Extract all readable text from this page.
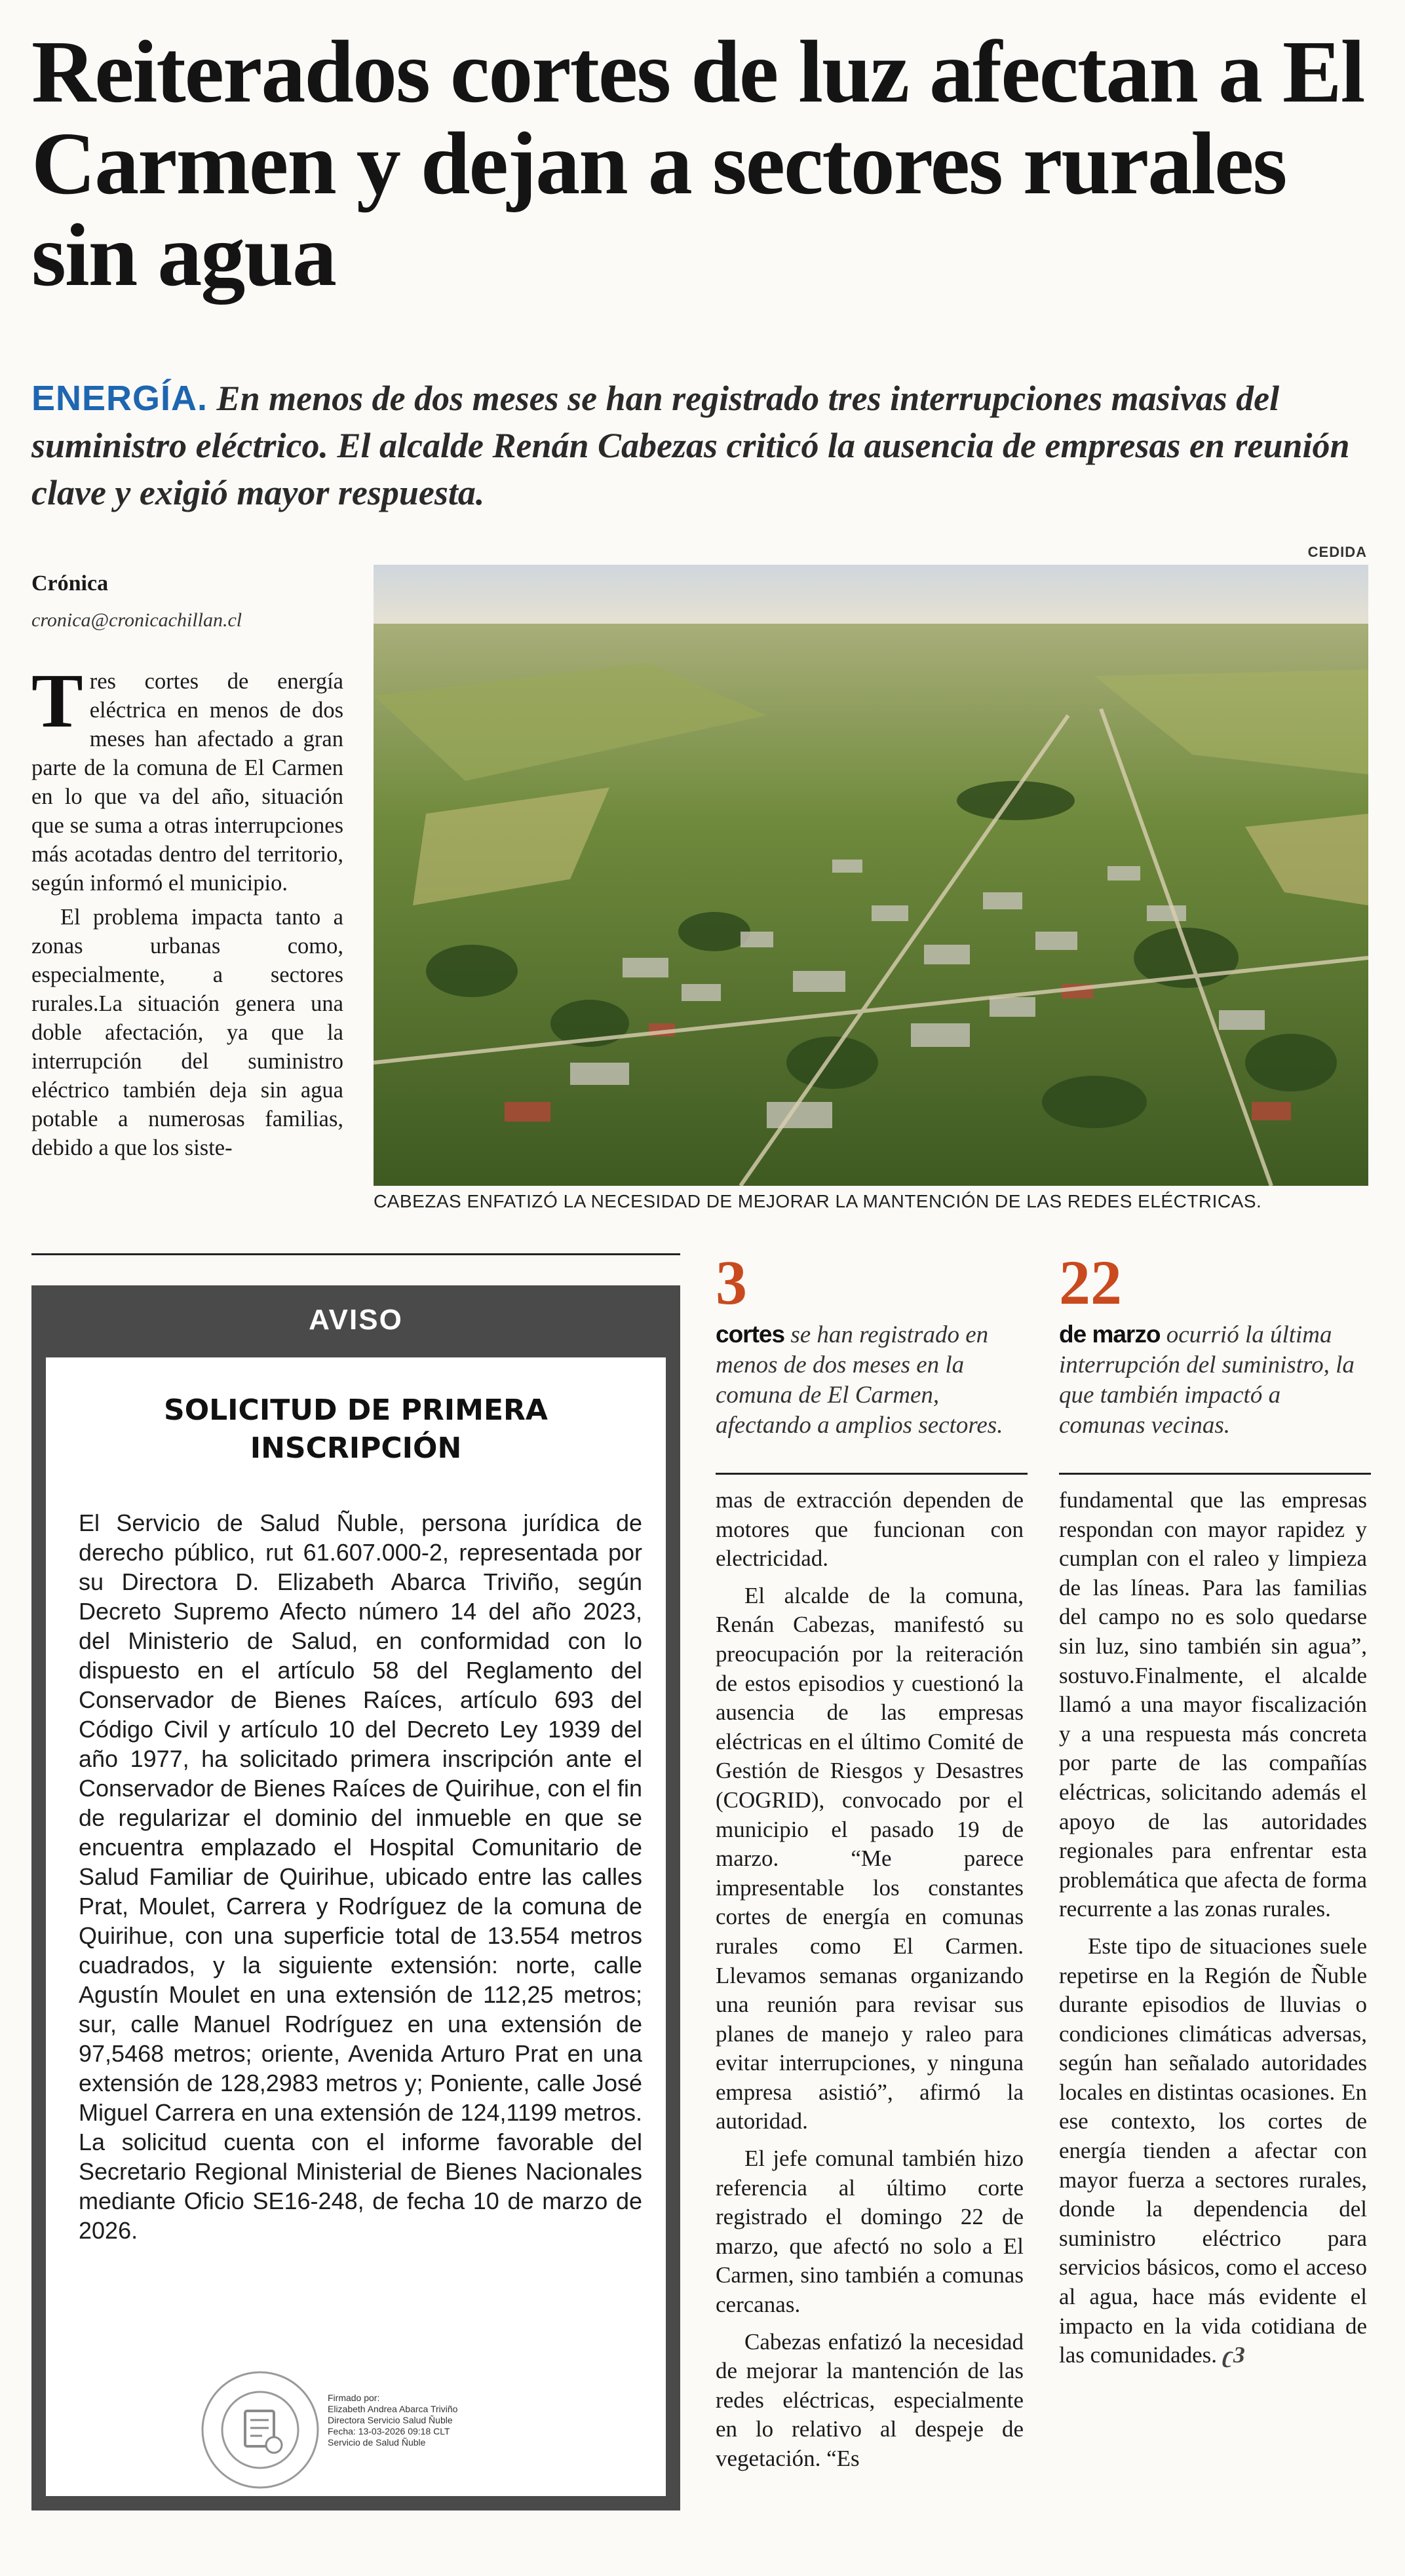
Reiterados cortes de luz afectan a El Carmen y dejan a sectores rurales sin agua

ENERGÍA. En menos de dos meses se han registrado tres interrupciones masivas del suministro eléctrico. El alcalde Renán Cabezas criticó la ausencia de empresas en reunión clave y exigió mayor respuesta.

CEDIDA
Crónica
cronica@cronicachillan.cl
CABEZAS ENFATIZÓ LA NECESIDAD DE MEJORAR LA MANTENCIÓN DE LAS REDES ELÉCTRICAS.

Tres cortes de energía eléctrica en menos de dos meses han afectado a gran parte de la comuna de El Carmen en lo que va del año, situación que se suma a otras interrupciones más acotadas dentro del territorio, según informó el municipio.

El problema impacta tanto a zonas urbanas como, especialmente, a sectores rurales.La situación genera una doble afectación, ya que la interrupción del suministro eléctrico también deja sin agua potable a numerosas familias, debido a que los siste-

AVISO
SOLICITUD DE PRIMERA
INSCRIPCIÓN
El Servicio de Salud Ñuble, persona jurídica de derecho público, rut 61.607.000-2, representada por su Directora D. Elizabeth Abarca Triviño, según Decreto Supremo Afecto número 14 del año 2023, del Ministerio de Salud, en conformidad con lo dispuesto en el artículo 58 del Reglamento del Conservador de Bienes Raíces, artículo 693 del Código Civil y artículo 10 del Decreto Ley 1939 del año 1977, ha solicitado primera inscripción ante el Conservador de Bienes Raíces de Quirihue, con el fin de regularizar el dominio del inmueble en que se encuentra emplazado el Hospital Comunitario de Salud Familiar de Quirihue, ubicado entre las calles Prat, Moulet, Carrera y Rodríguez de la comuna de Quirihue, con una superficie total de 13.554 metros cuadrados, y la siguiente extensión: norte, calle Agustín Moulet en una extensión de 112,25 metros; sur, calle Manuel Rodríguez en una extensión de 97,5468 metros; oriente, Avenida Arturo Prat en una extensión de 128,2983 metros y; Poniente, calle José Miguel Carrera en una extensión de 124,1199 metros. La solicitud cuenta con el informe favorable del Secretario Regional Ministerial de Bienes Nacionales mediante Oficio SE16-248, de fecha 10 de marzo de 2026.
Firmado por:
Elizabeth Andrea Abarca Triviño
Directora Servicio Salud Ñuble
Fecha: 13-03-2026 09:18 CLT
Servicio de Salud Ñuble
3
cortes se han registrado en menos de dos meses en la comuna de El Carmen, afectando a amplios sectores.
22
de marzo ocurrió la última interrupción del suministro, la que también impactó a comunas vecinas.

mas de extracción dependen de motores que funcionan con electricidad.

El alcalde de la comuna, Renán Cabezas, manifestó su preocupación por la reiteración de estos episodios y cuestionó la ausencia de las empresas eléctricas en el último Comité de Gestión de Riesgos y Desastres (COGRID), convocado por el municipio el pasado 19 de marzo. “Me parece impresentable los constantes cortes de energía en comunas rurales como El Carmen. Llevamos semanas organizando una reunión para revisar sus planes de manejo y raleo para evitar interrupciones, y ninguna empresa asistió”, afirmó la autoridad.

El jefe comunal también hizo referencia al último corte registrado el domingo 22 de marzo, que afectó no solo a El Carmen, sino también a comunas cercanas.

Cabezas enfatizó la necesidad de mejorar la mantención de las redes eléctricas, especialmente en lo relativo al despeje de vegetación. “Es

fundamental que las empresas respondan con mayor rapidez y cumplan con el raleo y limpieza de las líneas. Para las familias del campo no es solo quedarse sin luz, sino también sin agua”, sostuvo.Finalmente, el alcalde llamó a una mayor fiscalización y a una respuesta más concreta por parte de las compañías eléctricas, solicitando además el apoyo de las autoridades regionales para enfrentar esta problemática que afecta de forma recurrente a las zonas rurales.

Este tipo de situaciones suele repetirse en la Región de Ñuble durante episodios de lluvias o condiciones climáticas adversas, según han señalado autoridades locales en distintas ocasiones. En ese contexto, los cortes de energía tienden a afectar con mayor fuerza a sectores rurales, donde la dependencia del suministro eléctrico para servicios básicos, como el acceso al agua, hace más evidente el impacto en la vida cotidiana de las comunidades. ʗЗ
